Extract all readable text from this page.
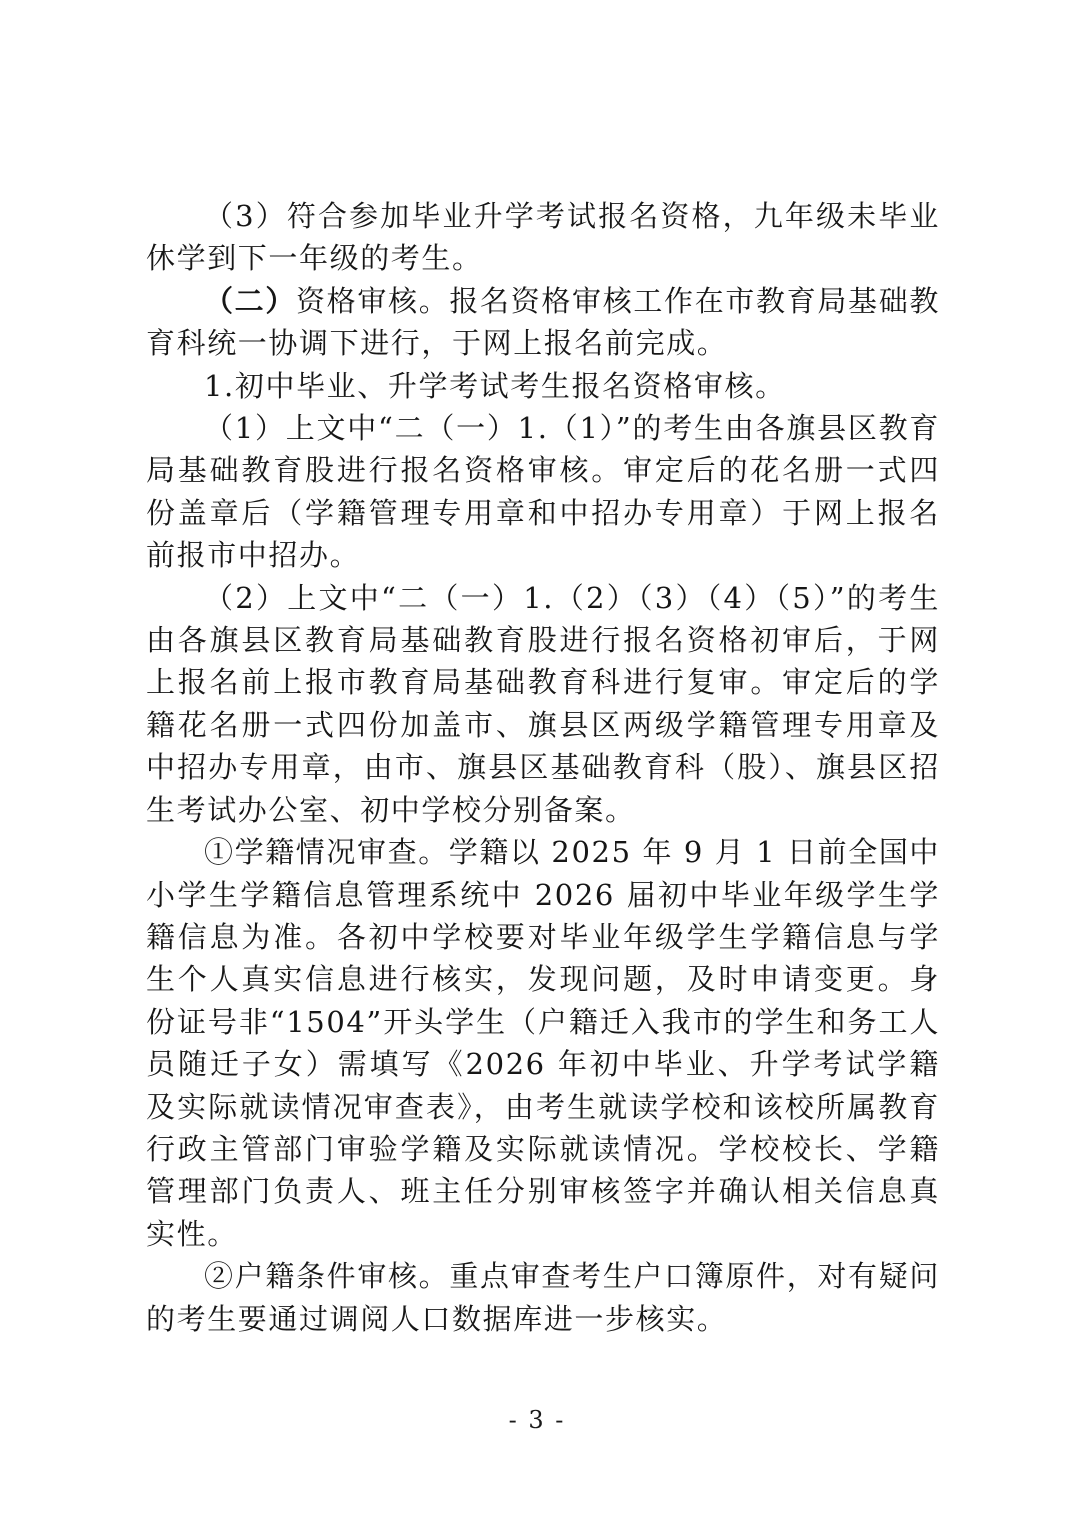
（3）符合参加毕业升学考试报名资格，九年级未毕业休学到下一年级的考生。

（二）资格审核。报名资格审核工作在市教育局基础教育科统一协调下进行，于网上报名前完成。

1.初中毕业、升学考试考生报名资格审核。

（1）上文中“二（一）1.（1）”的考生由各旗县区教育局基础教育股进行报名资格审核。审定后的花名册一式四份盖章后（学籍管理专用章和中招办专用章）于网上报名前报市中招办。

（2）上文中“二（一）1.（2）（3）（4）（5）”的考生由各旗县区教育局基础教育股进行报名资格初审后，于网上报名前上报市教育局基础教育科进行复审。审定后的学籍花名册一式四份加盖市、旗县区两级学籍管理专用章及中招办专用章，由市、旗县区基础教育科（股）、旗县区招生考试办公室、初中学校分别备案。

①学籍情况审查。学籍以 2025 年 9 月 1 日前全国中小学生学籍信息管理系统中 2026 届初中毕业年级学生学籍信息为准。各初中学校要对毕业年级学生学籍信息与学生个人真实信息进行核实，发现问题，及时申请变更。身份证号非“1504”开头学生（户籍迁入我市的学生和务工人员随迁子女）需填写《2026 年初中毕业、升学考试学籍及实际就读情况审查表》，由考生就读学校和该校所属教育行政主管部门审验学籍及实际就读情况。学校校长、学籍管理部门负责人、班主任分别审核签字并确认相关信息真实性。

②户籍条件审核。重点审查考生户口簿原件，对有疑问的考生要通过调阅人口数据库进一步核实。

- 3 -
